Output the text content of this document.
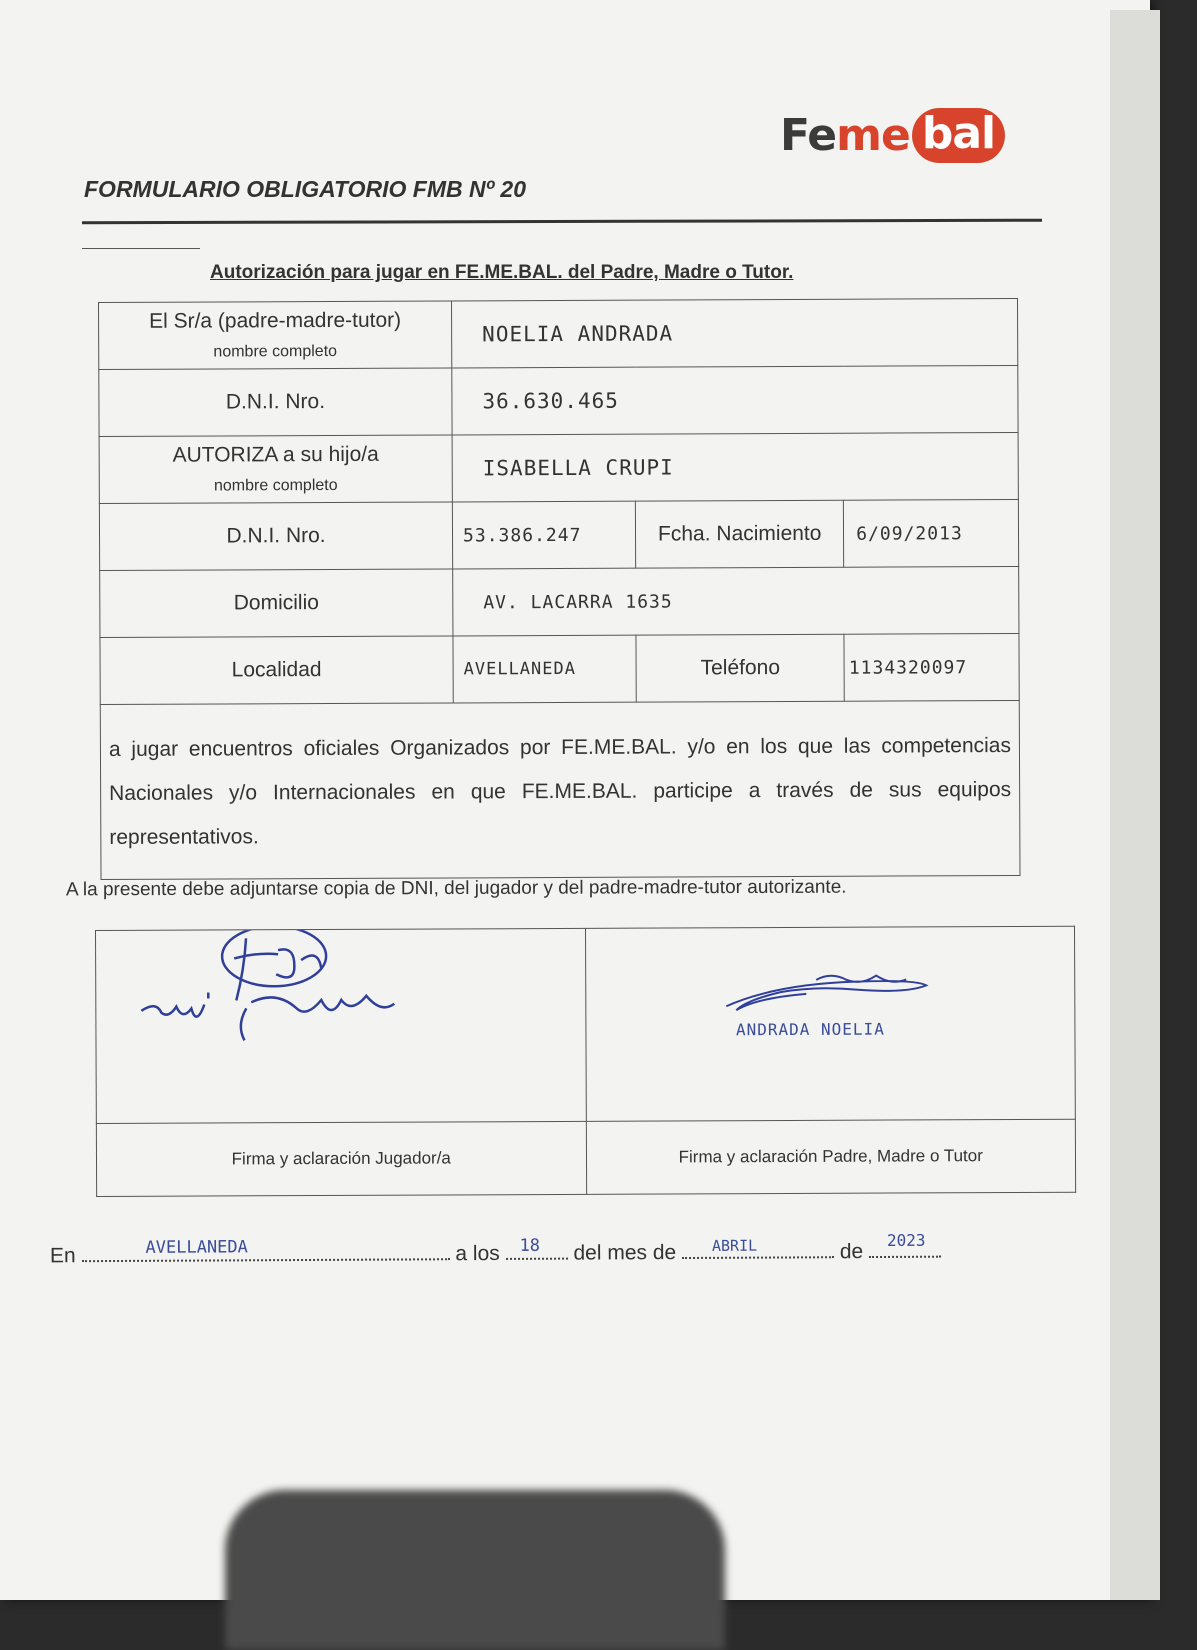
Fe me bal
FORMULARIO OBLIGATORIO FMB Nº 20
Autorización para jugar en FE.ME.BAL. del Padre, Madre o Tutor.
El Sr/a (padre-madre-tutor)
nombre completo	NOELIA ANDRADA		
D.N.I. Nro.	36.630.465		
AUTORIZA a su hijo/a
nombre completo	ISABELLA CRUPI		
D.N.I. Nro.	53.386.247	Fcha. Nacimiento	6/09/2013
Domicilio	AV. LACARRA 1635		
Localidad	AVELLANEDA	Teléfono	1134320097
a jugar encuentros oficiales Organizados por FE.ME.BAL. y/o en los que las competencias Nacionales y/o Internacionales en que FE.ME.BAL. participe a través de sus equipos representativos.			
A la presente debe adjuntarse copia de DNI, del jugador y del padre-madre-tutor autorizante.

ANDRADA NOELIA

Firma y aclaración Jugador/a	Firma y aclaración Padre, Madre o Tutor
En	AVELLANEDA	a los 18 del mes de ABRIL	de 2023
